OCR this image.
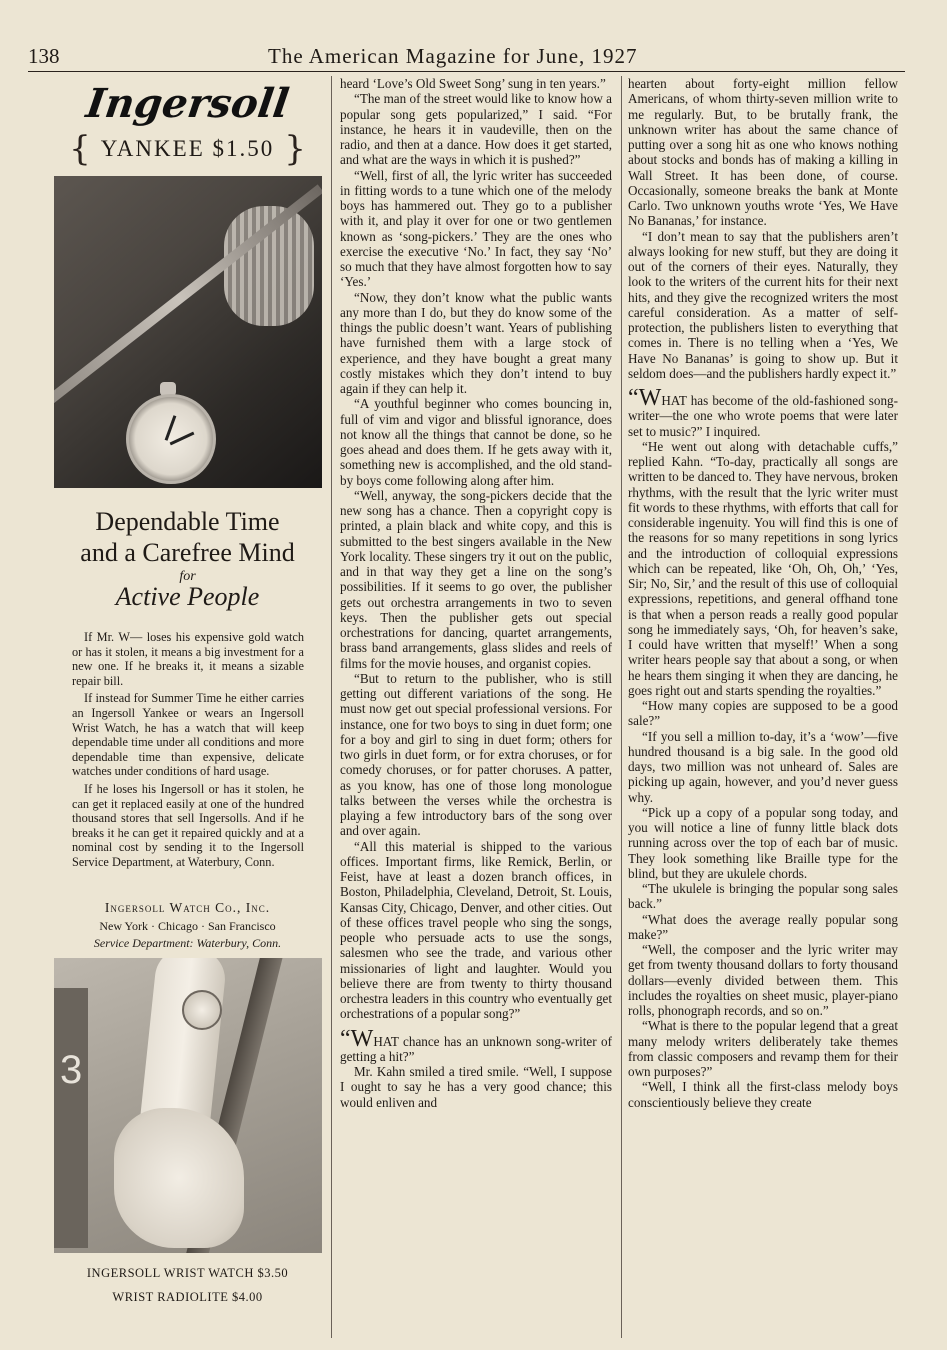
138	The American Magazine for June, 1927
Ingersoll
{ YANKEE $1.50 }
Dependable Time
and a Carefree Mind
for
Active People

If Mr. W— loses his expensive gold watch or has it stolen, it means a big investment for a new one. If he breaks it, it means a sizable repair bill.

If instead for Summer Time he either carries an Ingersoll Yankee or wears an Ingersoll Wrist Watch, he has a watch that will keep dependable time under all conditions and more dependable time than expensive, delicate watches under conditions of hard usage.

If he loses his Ingersoll or has it stolen, he can get it replaced easily at one of the hundred thousand stores that sell Ingersolls. And if he breaks it he can get it repaired quickly and at a nominal cost by sending it to the Ingersoll Service Department, at Waterbury, Conn.

Ingersoll Watch Co., Inc.
New York · Chicago · San Francisco
Service Department: Waterbury, Conn.
3
INGERSOLL WRIST WATCH $3.50
WRIST RADIOLITE $4.00

heard ‘Love’s Old Sweet Song’ sung in ten years.”

“The man of the street would like to know how a popular song gets popularized,” I said. “For instance, he hears it in vaudeville, then on the radio, and then at a dance. How does it get started, and what are the ways in which it is pushed?”

“Well, first of all, the lyric writer has succeeded in fitting words to a tune which one of the melody boys has hammered out. They go to a publisher with it, and play it over for one or two gentlemen known as ‘song-pickers.’ They are the ones who exercise the executive ‘No.’ In fact, they say ‘No’ so much that they have almost forgotten how to say ‘Yes.’

“Now, they don’t know what the public wants any more than I do, but they do know some of the things the public doesn’t want. Years of publishing have furnished them with a large stock of experience, and they have bought a great many costly mistakes which they don’t intend to buy again if they can help it.

“A youthful beginner who comes bouncing in, full of vim and vigor and blissful ignorance, does not know all the things that cannot be done, so he goes ahead and does them. If he gets away with it, something new is accomplished, and the old stand-by boys come following along after him.

“Well, anyway, the song-pickers decide that the new song has a chance. Then a copyright copy is printed, a plain black and white copy, and this is submitted to the best singers available in the New York locality. These singers try it out on the public, and in that way they get a line on the song’s possibilities. If it seems to go over, the publisher gets out orchestra arrangements in two to seven keys. Then the publisher gets out special orchestrations for dancing, quartet arrangements, brass band arrangements, glass slides and reels of films for the movie houses, and organist copies.

“But to return to the publisher, who is still getting out different variations of the song. He must now get out special professional versions. For instance, one for two boys to sing in duet form; one for a boy and girl to sing in duet form; others for two girls in duet form, or for extra choruses, or for comedy choruses, or for patter choruses. A patter, as you know, has one of those long monologue talks between the verses while the orchestra is playing a few introductory bars of the song over and over again.

“All this material is shipped to the various offices. Important firms, like Remick, Berlin, or Feist, have at least a dozen branch offices, in Boston, Philadelphia, Cleveland, Detroit, St. Louis, Kansas City, Chicago, Denver, and other cities. Out of these offices travel people who sing the songs, people who persuade acts to use the songs, salesmen who see the trade, and various other missionaries of light and laughter. Would you believe there are from twenty to thirty thousand orchestra leaders in this country who eventually get orchestrations of a popular song?”

“WHAT chance has an unknown song-writer of getting a hit?”

Mr. Kahn smiled a tired smile. “Well, I suppose I ought to say he has a very good chance; this would enliven and

hearten about forty-eight million fellow Americans, of whom thirty-seven million write to me regularly. But, to be brutally frank, the unknown writer has about the same chance of putting over a song hit as one who knows nothing about stocks and bonds has of making a killing in Wall Street. It has been done, of course. Occasionally, someone breaks the bank at Monte Carlo. Two unknown youths wrote ‘Yes, We Have No Bananas,’ for instance.

“I don’t mean to say that the publishers aren’t always looking for new stuff, but they are doing it out of the corners of their eyes. Naturally, they look to the writers of the current hits for their next hits, and they give the recognized writers the most careful consideration. As a matter of self-protection, the publishers listen to everything that comes in. There is no telling when a ‘Yes, We Have No Bananas’ is going to show up. But it seldom does—and the publishers hardly expect it.”

“WHAT has become of the old-fashioned song-writer—the one who wrote poems that were later set to music?” I inquired.

“He went out along with detachable cuffs,” replied Kahn. “To-day, practically all songs are written to be danced to. They have nervous, broken rhythms, with the result that the lyric writer must fit words to these rhythms, with efforts that call for considerable ingenuity. You will find this is one of the reasons for so many repetitions in song lyrics and the introduction of colloquial expressions which can be repeated, like ‘Oh, Oh, Oh,’ ‘Yes, Sir; No, Sir,’ and the result of this use of colloquial expressions, repetitions, and general offhand tone is that when a person reads a really good popular song he immediately says, ‘Oh, for heaven’s sake, I could have written that myself!’ When a song writer hears people say that about a song, or when he hears them singing it when they are dancing, he goes right out and starts spending the royalties.”

“How many copies are supposed to be a good sale?”

“If you sell a million to-day, it’s a ‘wow’—five hundred thousand is a big sale. In the good old days, two million was not unheard of. Sales are picking up again, however, and you’d never guess why.

“Pick up a copy of a popular song today, and you will notice a line of funny little black dots running across over the top of each bar of music. They look something like Braille type for the blind, but they are ukulele chords.

“The ukulele is bringing the popular song sales back.”

“What does the average really popular song make?”

“Well, the composer and the lyric writer may get from twenty thousand dollars to forty thousand dollars—evenly divided between them. This includes the royalties on sheet music, player-piano rolls, phonograph records, and so on.”

“What is there to the popular legend that a great many melody writers deliberately take themes from classic composers and revamp them for their own purposes?”

“Well, I think all the first-class melody boys conscientiously believe they create
